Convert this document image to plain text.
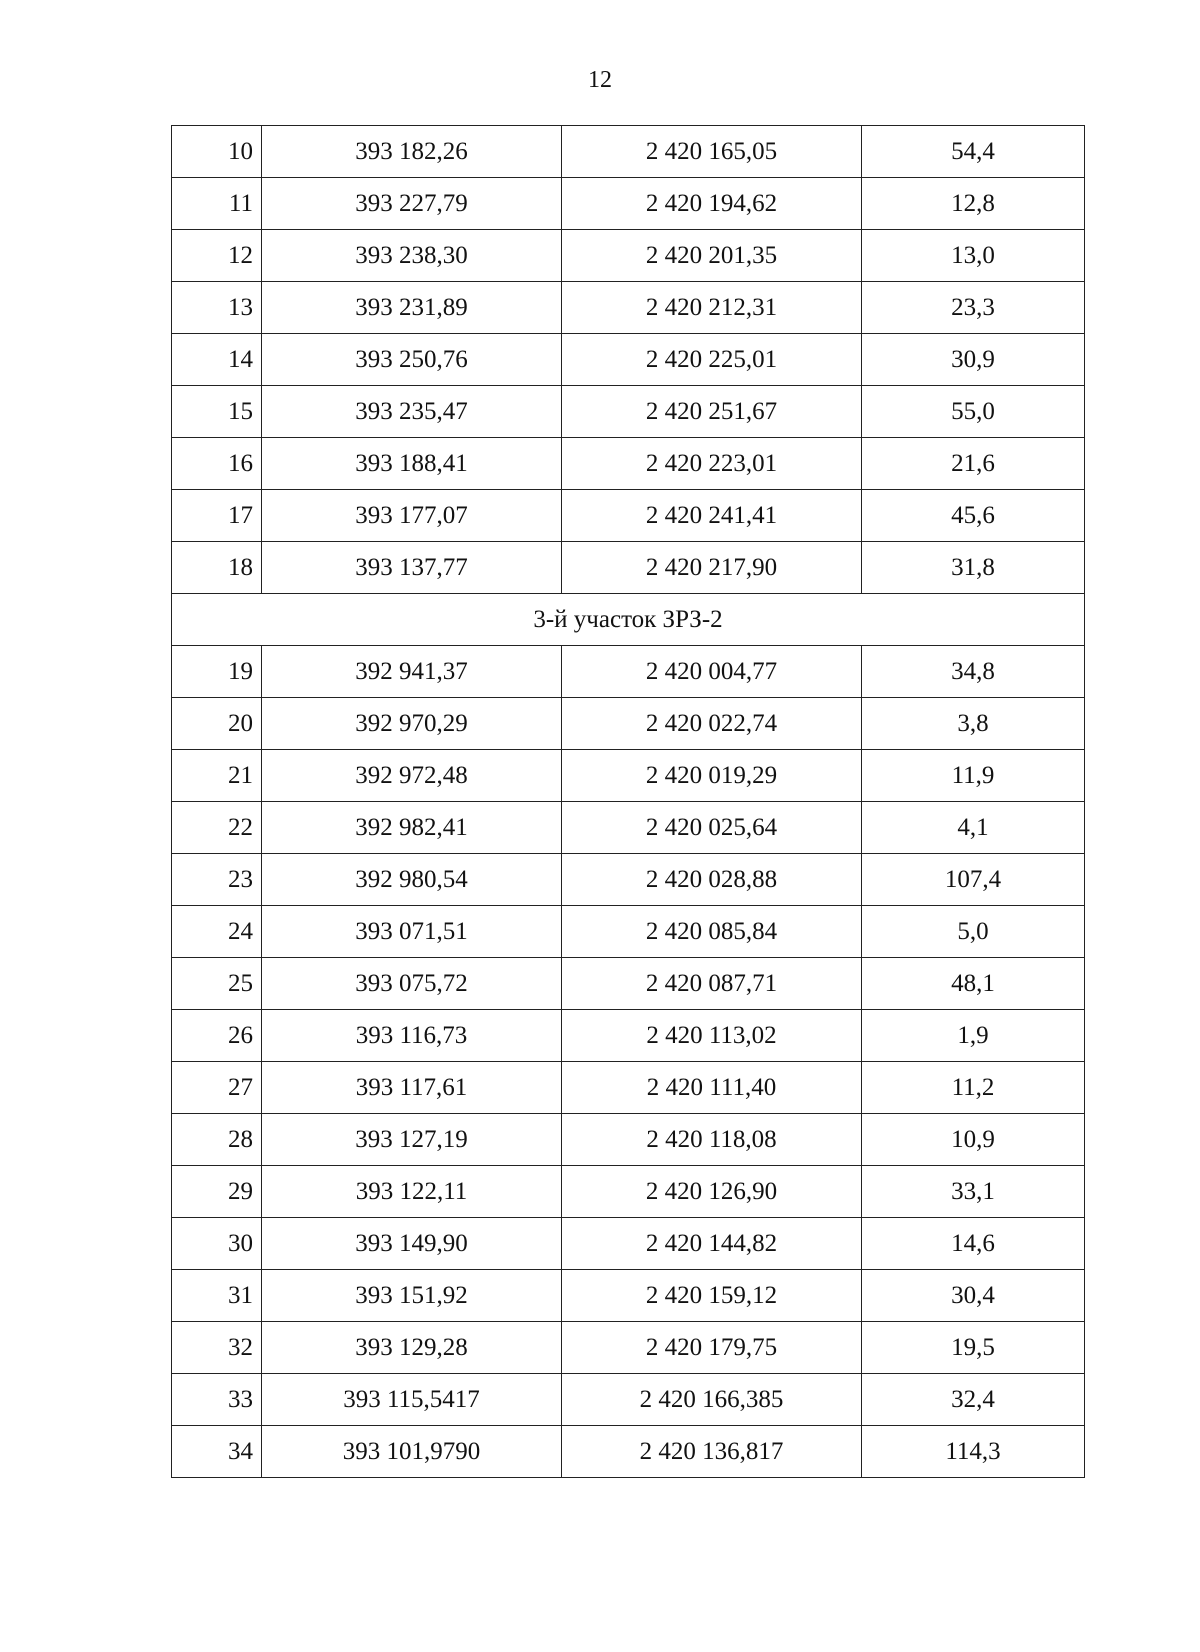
12
10	393 182,26	2 420 165,05	54,4
11	393 227,79	2 420 194,62	12,8
12	393 238,30	2 420 201,35	13,0
13	393 231,89	2 420 212,31	23,3
14	393 250,76	2 420 225,01	30,9
15	393 235,47	2 420 251,67	55,0
16	393 188,41	2 420 223,01	21,6
17	393 177,07	2 420 241,41	45,6
18	393 137,77	2 420 217,90	31,8
3-й участок ЗРЗ-2			
19	392 941,37	2 420 004,77	34,8
20	392 970,29	2 420 022,74	3,8
21	392 972,48	2 420 019,29	11,9
22	392 982,41	2 420 025,64	4,1
23	392 980,54	2 420 028,88	107,4
24	393 071,51	2 420 085,84	5,0
25	393 075,72	2 420 087,71	48,1
26	393 116,73	2 420 113,02	1,9
27	393 117,61	2 420 111,40	11,2
28	393 127,19	2 420 118,08	10,9
29	393 122,11	2 420 126,90	33,1
30	393 149,90	2 420 144,82	14,6
31	393 151,92	2 420 159,12	30,4
32	393 129,28	2 420 179,75	19,5
33	393 115,5417	2 420 166,385	32,4
34	393 101,9790	2 420 136,817	114,3
